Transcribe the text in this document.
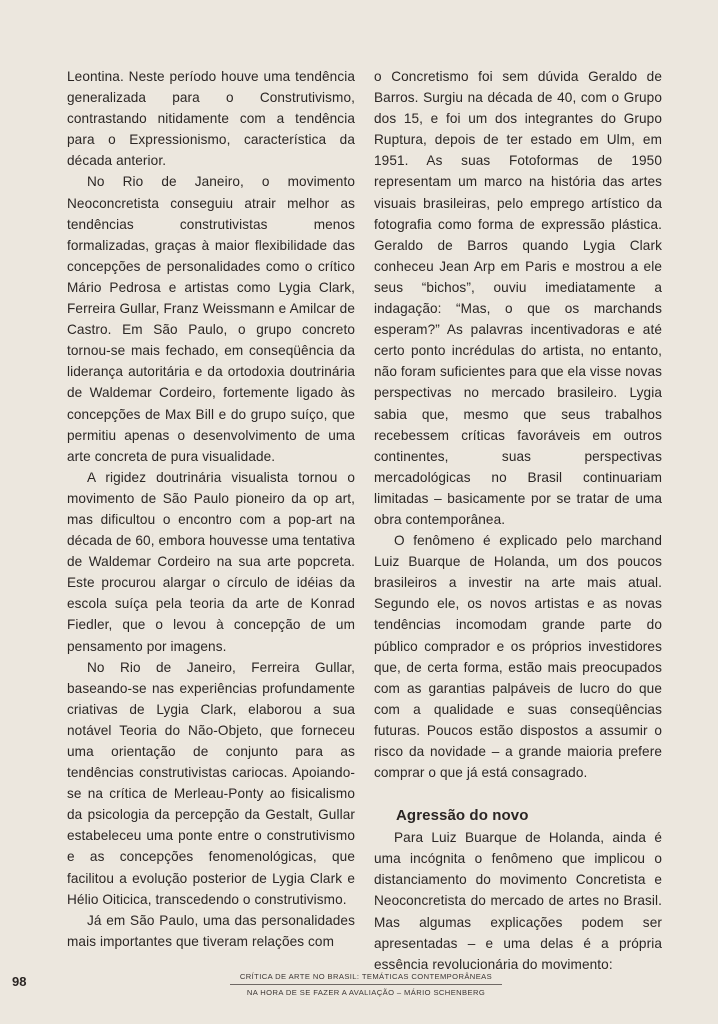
Leontina. Neste período houve uma tendência generalizada para o Construtivismo, contrastando nitidamente com a tendência para o Expressionismo, característica da década anterior.

No Rio de Janeiro, o movimento Neoconcretista conseguiu atrair melhor as tendências construtivistas menos formalizadas, graças à maior flexibilidade das concepções de personalidades como o crítico Mário Pedrosa e artistas como Lygia Clark, Ferreira Gullar, Franz Weissmann e Amilcar de Castro. Em São Paulo, o grupo concreto tornou-se mais fechado, em conseqüência da liderança autoritária e da ortodoxia doutrinária de Waldemar Cordeiro, fortemente ligado às concepções de Max Bill e do grupo suíço, que permitiu apenas o desenvolvimento de uma arte concreta de pura visualidade.

A rigidez doutrinária visualista tornou o movimento de São Paulo pioneiro da op art, mas dificultou o encontro com a pop-art na década de 60, embora houvesse uma tentativa de Waldemar Cordeiro na sua arte popcreta. Este procurou alargar o círculo de idéias da escola suíça pela teoria da arte de Konrad Fiedler, que o levou à concepção de um pensamento por imagens.

No Rio de Janeiro, Ferreira Gullar, baseando-se nas experiências profundamente criativas de Lygia Clark, elaborou a sua notável Teoria do Não-Objeto, que forneceu uma orientação de conjunto para as tendências construtivistas cariocas. Apoiando-se na crítica de Merleau-Ponty ao fisicalismo da psicologia da percepção da Gestalt, Gullar estabeleceu uma ponte entre o construtivismo e as concepções fenomenológicas, que facilitou a evolução posterior de Lygia Clark e Hélio Oiticica, transcedendo o construtivismo.

Já em São Paulo, uma das personalidades mais importantes que tiveram relações com

o Concretismo foi sem dúvida Geraldo de Barros. Surgiu na década de 40, com o Grupo dos 15, e foi um dos integrantes do Grupo Ruptura, depois de ter estado em Ulm, em 1951. As suas Fotoformas de 1950 representam um marco na história das artes visuais brasileiras, pelo emprego artístico da fotografia como forma de expressão plástica. Geraldo de Barros quando Lygia Clark conheceu Jean Arp em Paris e mostrou a ele seus “bichos”, ouviu imediatamente a indagação: “Mas, o que os marchands esperam?” As palavras incentivadoras e até certo ponto incrédulas do artista, no entanto, não foram suficientes para que ela visse novas perspectivas no mercado brasileiro. Lygia sabia que, mesmo que seus trabalhos recebessem críticas favoráveis em outros continentes, suas perspectivas mercadológicas no Brasil continuariam limitadas – basicamente por se tratar de uma obra contemporânea.

O fenômeno é explicado pelo marchand Luiz Buarque de Holanda, um dos poucos brasileiros a investir na arte mais atual. Segundo ele, os novos artistas e as novas tendências incomodam grande parte do público comprador e os próprios investidores que, de certa forma, estão mais preocupados com as garantias palpáveis de lucro do que com a qualidade e suas conseqüências futuras. Poucos estão dispostos a assumir o risco da novidade – a grande maioria prefere comprar o que já está consagrado.

Agressão do novo

Para Luiz Buarque de Holanda, ainda é uma incógnita o fenômeno que implicou o distanciamento do movimento Concretista e Neoconcretista do mercado de artes no Brasil. Mas algumas explicações podem ser apresentadas – e uma delas é a própria essência revolucionária do movimento:

98	CRÍTICA DE ARTE NO BRASIL: TEMÁTICAS CONTEMPORÂNEAS
NA HORA DE SE FAZER A AVALIAÇÃO – MÁRIO SCHENBERG
